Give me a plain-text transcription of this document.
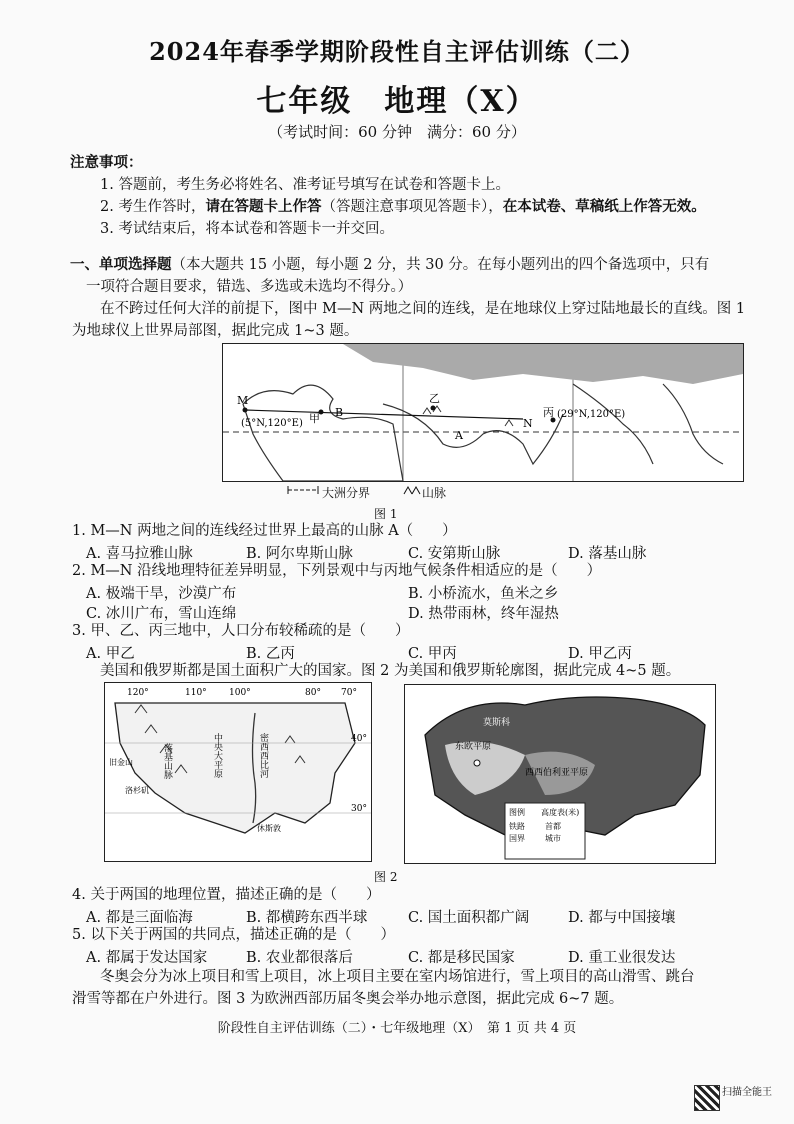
2024年春季学期阶段性自主评估训练（二）
七年级　地理（X）
（考试时间：60 分钟　满分：60 分）
注意事项：
1. 答题前，考生务必将姓名、准考证号填写在试卷和答题卡上。
2. 考生作答时，请在答题卡上作答（答题注意事项见答题卡），在本试卷、草稿纸上作答无效。
3. 考试结束后，将本试卷和答题卡一并交回。
一、单项选择题（本大题共 15 小题，每小题 2 分，共 30 分。在每小题列出的四个备选项中，只有
一项符合题目要求，错选、多选或未选均不得分。）
在不跨过任何大洋的前提下，图中 M—N 两地之间的连线，是在地球仪上穿过陆地最长的直线。图 1
为地球仪上世界局部图，据此完成 1~3 题。
M
甲 B
乙
A
丙
N
(5°N,120°E)
(29°N,120°E)
大洲分界	山脉
图 1
1. M—N 两地之间的连线经过世界上最高的山脉 A（　　）
A. 喜马拉雅山脉	B. 阿尔卑斯山脉	C. 安第斯山脉	D. 落基山脉
2. M—N 沿线地理特征差异明显，下列景观中与丙地气候条件相适应的是（　　）
A. 极端干旱，沙漠广布	B. 小桥流水，鱼米之乡
C. 冰川广布，雪山连绵	D. 热带雨林，终年湿热
3. 甲、乙、丙三地中，人口分布较稀疏的是（　　）
A. 甲乙	B. 乙丙	C. 甲丙	D. 甲乙丙
美国和俄罗斯都是国土面积广大的国家。图 2 为美国和俄罗斯轮廓图，据此完成 4~5 题。
120°	110° 100°	80° 70°
40°
30°
落基山脉	中央大平原	密西西比河
旧金山
洛杉矶
休斯敦
莫斯科
东欧平原
西西伯利亚平原
图例
铁路
国界
首都
城市
高度表(米)
图 2
4. 关于两国的地理位置，描述正确的是（　　）
A. 都是三面临海	B. 都横跨东西半球	C. 国土面积都广阔	D. 都与中国接壤
5. 以下关于两国的共同点，描述正确的是（　　）
A. 都属于发达国家	B. 农业都很落后	C. 都是移民国家	D. 重工业很发达
冬奥会分为冰上项目和雪上项目，冰上项目主要在室内场馆进行，雪上项目的高山滑雪、跳台
滑雪等都在户外进行。图 3 为欧洲西部历届冬奥会举办地示意图，据此完成 6~7 题。
阶段性自主评估训练（二）・七年级地理（X）　第 1 页 共 4 页
扫描全能王
